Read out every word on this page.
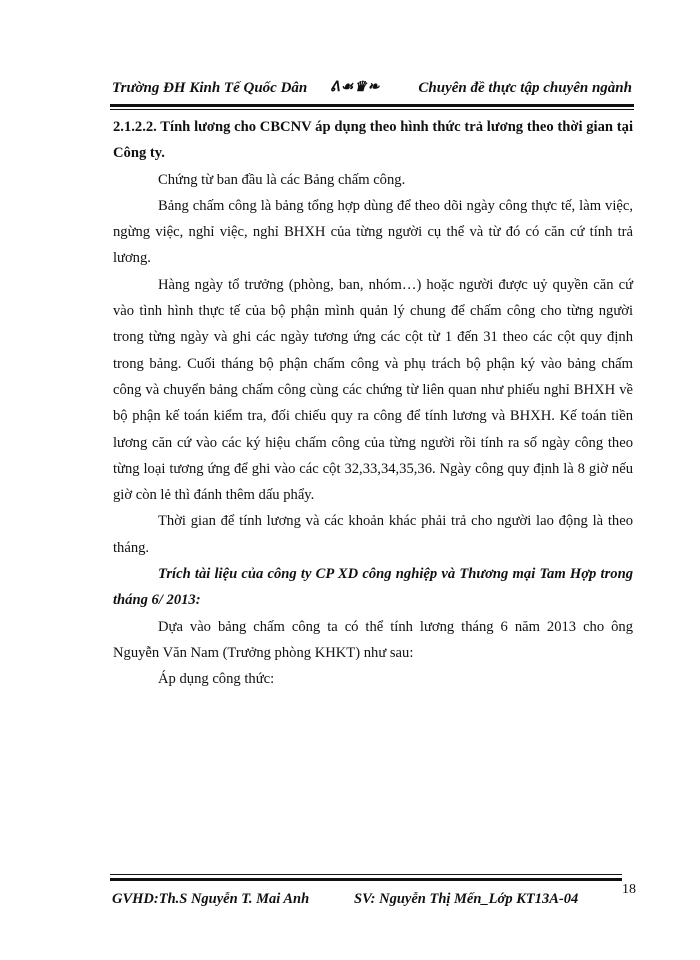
Trường ĐH Kinh Tế Quốc Dân ᕕ☙♛❧	Chuyên đề thực tập chuyên ngành

2.1.2.2. Tính lương cho CBCNV áp dụng theo hình thức trả lương theo thời gian tại Công ty.

Chứng từ ban đầu là các Bảng chấm công.

Bảng chấm công là bảng tổng hợp dùng để theo dõi ngày công thực tế, làm việc, ngừng việc, nghỉ việc, nghỉ BHXH của từng người cụ thể và từ đó có căn cứ tính trả lương.

Hàng ngày tổ trưởng (phòng, ban, nhóm…) hoặc người được uỷ quyền căn cứ vào tình hình thực tế của bộ phận mình quản lý chung để chấm công cho từng người trong từng ngày và ghi các ngày tương ứng các cột từ 1 đến 31 theo các cột quy định trong bảng. Cuối tháng bộ phận chấm công và phụ trách bộ phận ký vào bảng chấm công và chuyển bảng chấm công cùng các chứng từ liên quan như phiếu nghỉ BHXH về bộ phận kế toán kiểm tra, đối chiếu quy ra công để tính lương và BHXH. Kế toán tiền lương căn cứ vào các ký hiệu chấm công của từng người rồi tính ra số ngày công theo từng loại tương ứng để ghi vào các cột 32,33,34,35,36. Ngày công quy định là 8 giờ nếu giờ còn lẻ thì đánh thêm dấu phẩy.

Thời gian để tính lương và các khoản khác phải trả cho người lao động là theo tháng.

Trích tài liệu của công ty CP XD công nghiệp và Thương mại Tam Hợp trong tháng 6/ 2013:

Dựa vào bảng chấm công ta có thể tính lương tháng 6 năm 2013 cho ông Nguyễn Văn Nam (Trưởng phòng KHKT) như sau:

Áp dụng công thức:

GVHD:Th.S Nguyễn T. Mai Anh	SV: Nguyễn Thị Mến_Lớp KT13A-04
18
